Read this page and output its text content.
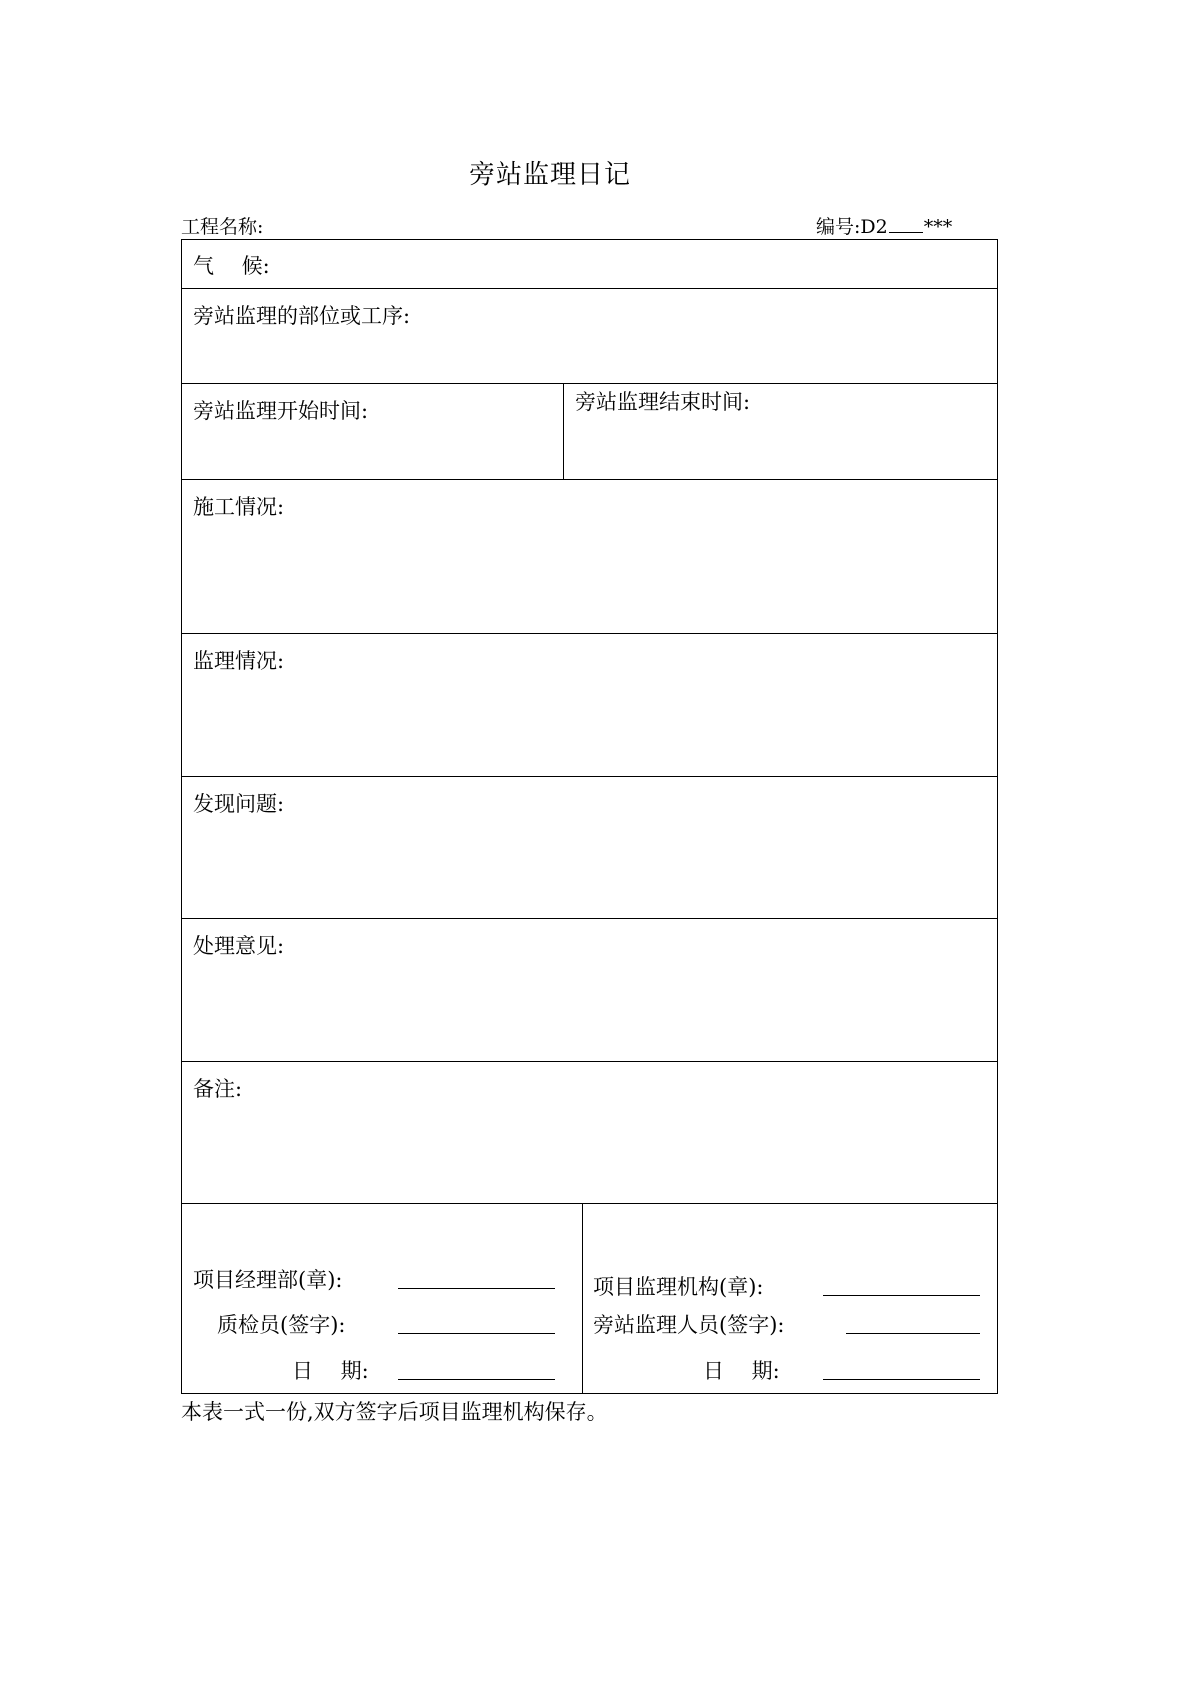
旁站监理日记
工程名称:	编号:D2 ***
气　 候:
旁站监理的部位或工序:
旁站监理开始时间:	旁站监理结束时间:
施工情况:
监理情况:
发现问题:
处理意见:
备注:
项目经理部(章):
质检员(签字):
日　 期:
项目监理机构(章):
旁站监理人员(签字):
日　 期:
本表一式一份,双方签字后项目监理机构保存。
